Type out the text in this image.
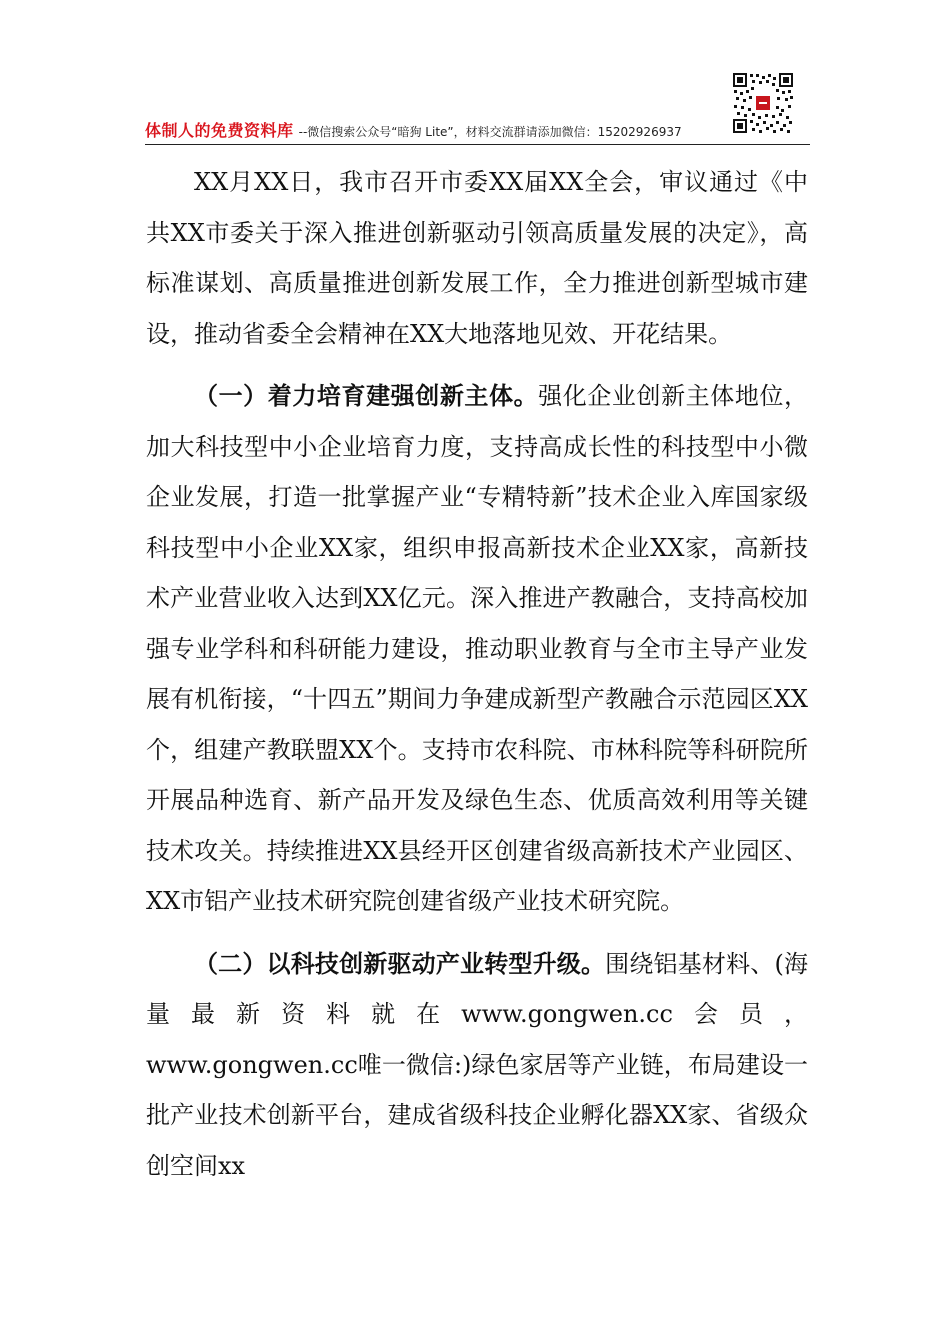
体制人的免费资料库 --微信搜索公众号“暗狗 Lite”，材料交流群请添加微信：15202926937

XX月XX日，我市召开市委XX届XX全会，审议通过《中共XX市委关于深入推进创新驱动引领高质量发展的决定》，高标准谋划、高质量推进创新发展工作，全力推进创新型城市建设，推动省委全会精神在XX大地落地见效、开花结果。

（一）着力培育建强创新主体。强化企业创新主体地位，加大科技型中小企业培育力度，支持高成长性的科技型中小微企业发展，打造一批掌握产业“专精特新”技术企业入库国家级科技型中小企业XX家，组织申报高新技术企业XX家，高新技术产业营业收入达到XX亿元。深入推进产教融合，支持高校加强专业学科和科研能力建设，推动职业教育与全市主导产业发展有机衔接，“十四五”期间力争建成新型产教融合示范园区XX个，组建产教联盟XX个。支持市农科院、市林科院等科研院所开展品种选育、新产品开发及绿色生态、优质高效利用等关键技术攻关。持续推进XX县经开区创建省级高新技术产业园区、XX市铝产业技术研究院创建省级产业技术研究院。

（二）以科技创新驱动产业转型升级。围绕铝基材料、(海量最新资料就在www.gongwen.cc会员，www.gongwen.cc唯一微信:)绿色家居等产业链，布局建设一批产业技术创新平台，建成省级科技企业孵化器XX家、省级众创空间xx
